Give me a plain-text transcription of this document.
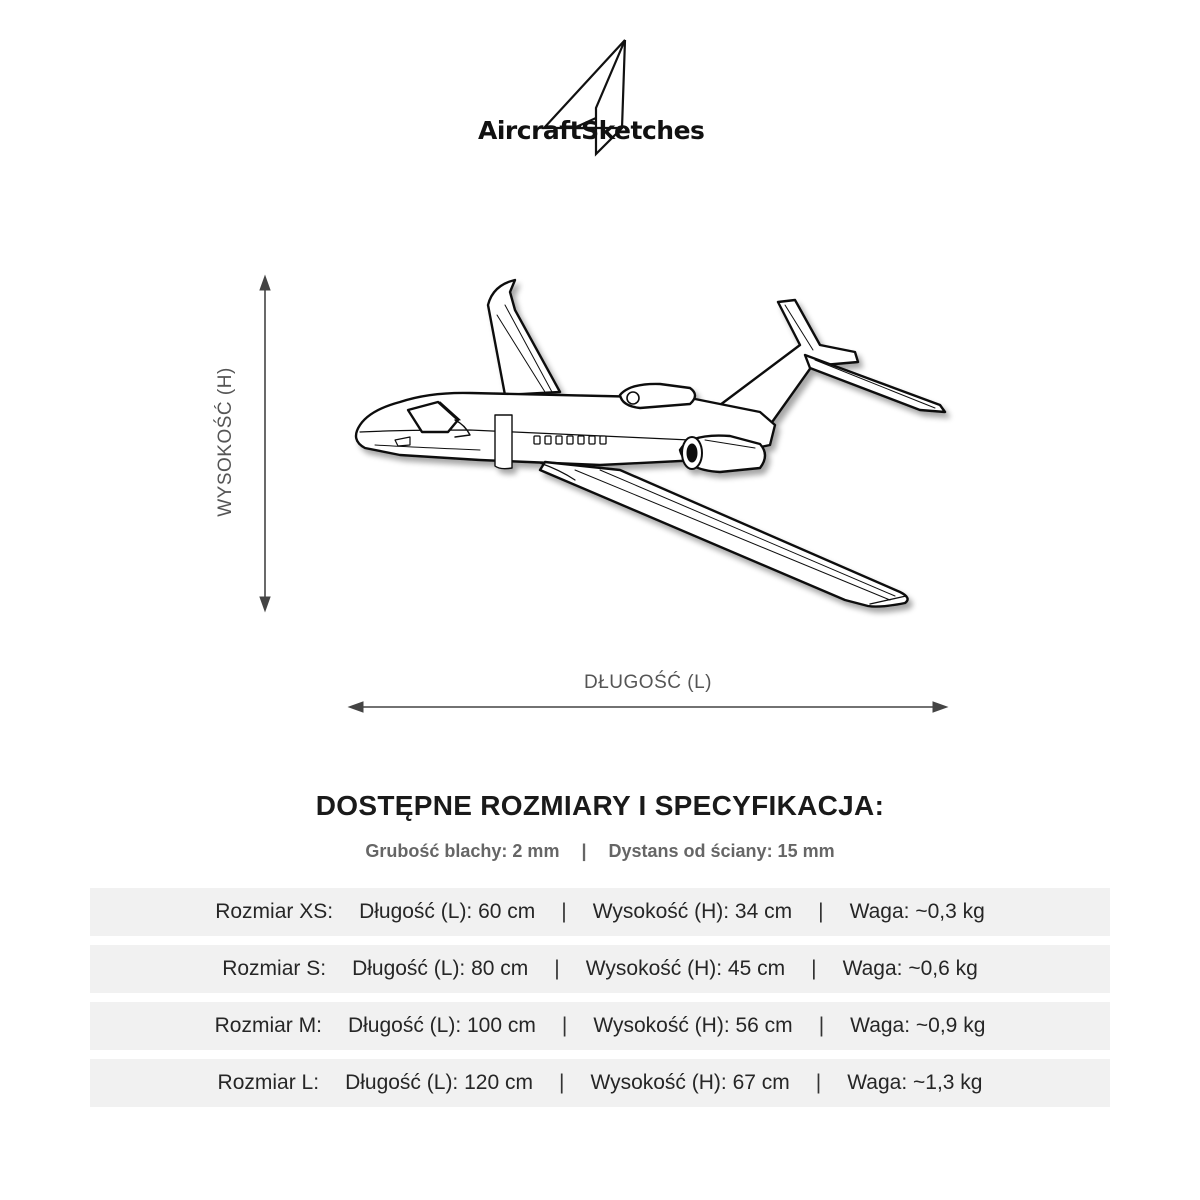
AircraftSketches
WYSOKOŚĆ (H)
DŁUGOŚĆ (L)
DOSTĘPNE ROZMIARY I SPECYFIKACJA:
Grubość blachy: 2 mm | Dystans od ściany: 15 mm
Rozmiar XS: Długość (L): 60 cm | Wysokość (H): 34 cm | Waga: ~0,3 kg
Rozmiar S: Długość (L): 80 cm | Wysokość (H): 45 cm | Waga: ~0,6 kg
Rozmiar M: Długość (L): 100 cm | Wysokość (H): 56 cm | Waga: ~0,9 kg
Rozmiar L: Długość (L): 120 cm | Wysokość (H): 67 cm | Waga: ~1,3 kg
